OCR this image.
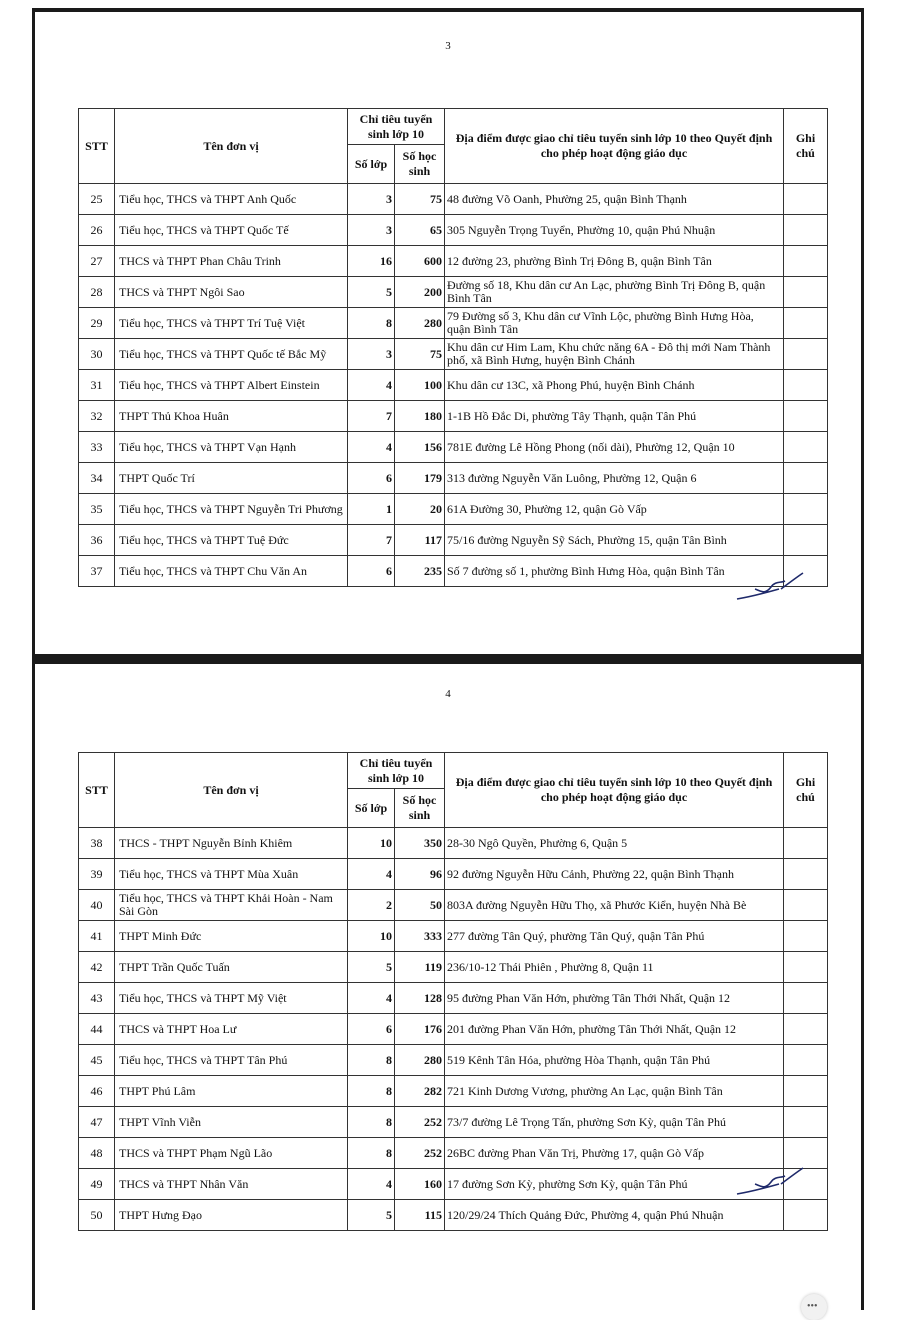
3
STT	Tên đơn vị	Chỉ tiêu tuyển sinh lớp 10		Địa điểm được giao chỉ tiêu tuyển sinh lớp 10 theo Quyết định cho phép hoạt động giáo dục	Ghi chú
		Số lớp	Số học sinh		
25	Tiểu học, THCS và THPT Anh Quốc	3	75	48 đường Võ Oanh, Phường 25, quận Bình Thạnh	
26	Tiểu học, THCS và THPT Quốc Tế	3	65	305 Nguyễn Trọng Tuyển, Phường 10, quận Phú Nhuận	
27	THCS và THPT Phan Châu Trinh	16	600	12 đường 23, phường Bình Trị Đông B, quận Bình Tân	
28	THCS và THPT Ngôi Sao	5	200	Đường số 18, Khu dân cư An Lạc, phường Bình Trị Đông B, quận Bình Tân	
29	Tiểu học, THCS và THPT Trí Tuệ Việt	8	280	79 Đường số 3, Khu dân cư Vĩnh Lộc, phường Bình Hưng Hòa, quận Bình Tân	
30	Tiểu học, THCS và THPT Quốc tế Bắc Mỹ	3	75	Khu dân cư Him Lam, Khu chức năng 6A - Đô thị mới Nam Thành phố, xã Bình Hưng, huyện Bình Chánh	
31	Tiểu học, THCS và THPT Albert Einstein	4	100	Khu dân cư 13C, xã Phong Phú, huyện Bình Chánh	
32	THPT Thủ Khoa Huân	7	180	1-1B Hồ Đắc Di, phường Tây Thạnh, quận Tân Phú	
33	Tiểu học, THCS và THPT Vạn Hạnh	4	156	781E đường Lê Hồng Phong (nối dài), Phường 12, Quận 10	
34	THPT Quốc Trí	6	179	313 đường Nguyễn Văn Luông, Phường 12, Quận 6	
35	Tiểu học, THCS và THPT Nguyễn Tri Phương	1	20	61A Đường 30, Phường 12, quận Gò Vấp	
36	Tiểu học, THCS và THPT Tuệ Đức	7	117	75/16 đường Nguyễn Sỹ Sách, Phường 15, quận Tân Bình	
37	Tiểu học, THCS và THPT Chu Văn An	6	235	Số 7 đường số 1, phường Bình Hưng Hòa, quận Bình Tân	
4
STT	Tên đơn vị	Chỉ tiêu tuyển sinh lớp 10		Địa điểm được giao chỉ tiêu tuyển sinh lớp 10 theo Quyết định cho phép hoạt động giáo dục	Ghi chú
		Số lớp	Số học sinh		
38	THCS - THPT Nguyễn Bỉnh Khiêm	10	350	28-30 Ngô Quyền, Phường 6, Quận 5	
39	Tiểu học, THCS và THPT Mùa Xuân	4	96	92 đường Nguyễn Hữu Cảnh, Phường 22, quận Bình Thạnh	
40	Tiểu học, THCS và THPT Khải Hoàn - Nam Sài Gòn	2	50	803A đường Nguyễn Hữu Thọ, xã Phước Kiển, huyện Nhà Bè	
41	THPT Minh Đức	10	333	277 đường Tân Quý, phường Tân Quý, quận Tân Phú	
42	THPT Trần Quốc Tuấn	5	119	236/10-12 Thái Phiên , Phường 8, Quận 11	
43	Tiểu học, THCS và THPT Mỹ Việt	4	128	95 đường Phan Văn Hớn, phường Tân Thới Nhất, Quận 12	
44	THCS và THPT Hoa Lư	6	176	201 đường Phan Văn Hớn, phường Tân Thới Nhất, Quận 12	
45	Tiểu học, THCS và THPT Tân Phú	8	280	519 Kênh Tân Hóa, phường Hòa Thạnh, quận Tân Phú	
46	THPT Phú Lâm	8	282	721 Kinh Dương Vương, phường An Lạc, quận Bình Tân	
47	THPT Vĩnh Viễn	8	252	73/7 đường Lê Trọng Tấn, phường Sơn Kỳ, quận Tân Phú	
48	THCS và THPT Phạm Ngũ Lão	8	252	26BC đường Phan Văn Trị, Phường 17, quận Gò Vấp	
49	THCS và THPT Nhân Văn	4	160	17 đường Sơn Kỳ, phường Sơn Kỳ, quận Tân Phú	
50	THPT Hưng Đạo	5	115	120/29/24 Thích Quảng Đức, Phường 4, quận Phú Nhuận	
•••
